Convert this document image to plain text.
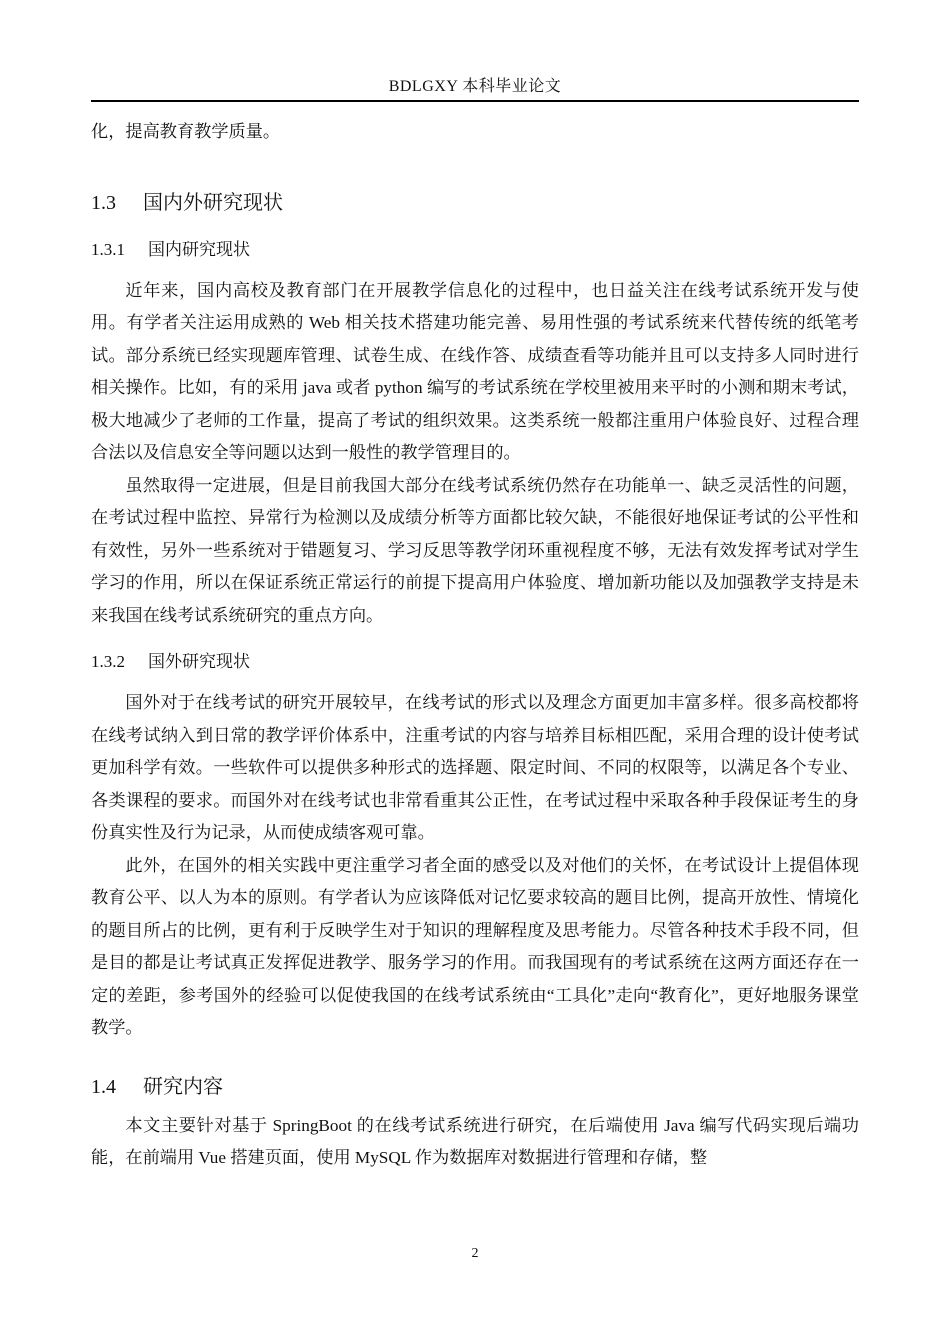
BDLGXY 本科毕业论文

化，提高教育教学质量。

1.3 国内外研究现状
1.3.1 国内研究现状

近年来，国内高校及教育部门在开展教学信息化的过程中，也日益关注在线考试系统开发与使用。有学者关注运用成熟的 Web 相关技术搭建功能完善、易用性强的考试系统来代替传统的纸笔考试。部分系统已经实现题库管理、试卷生成、在线作答、成绩查看等功能并且可以支持多人同时进行相关操作。比如，有的采用 java 或者 python 编写的考试系统在学校里被用来平时的小测和期末考试，极大地减少了老师的工作量，提高了考试的组织效果。这类系统一般都注重用户体验良好、过程合理合法以及信息安全等问题以达到一般性的教学管理目的。

虽然取得一定进展，但是目前我国大部分在线考试系统仍然存在功能单一、缺乏灵活性的问题，在考试过程中监控、异常行为检测以及成绩分析等方面都比较欠缺，不能很好地保证考试的公平性和有效性，另外一些系统对于错题复习、学习反思等教学闭环重视程度不够，无法有效发挥考试对学生学习的作用，所以在保证系统正常运行的前提下提高用户体验度、增加新功能以及加强教学支持是未来我国在线考试系统研究的重点方向。

1.3.2 国外研究现状

国外对于在线考试的研究开展较早，在线考试的形式以及理念方面更加丰富多样。很多高校都将在线考试纳入到日常的教学评价体系中，注重考试的内容与培养目标相匹配，采用合理的设计使考试更加科学有效。一些软件可以提供多种形式的选择题、限定时间、不同的权限等，以满足各个专业、各类课程的要求。而国外对在线考试也非常看重其公正性，在考试过程中采取各种手段保证考生的身份真实性及行为记录，从而使成绩客观可靠。

此外，在国外的相关实践中更注重学习者全面的感受以及对他们的关怀，在考试设计上提倡体现教育公平、以人为本的原则。有学者认为应该降低对记忆要求较高的题目比例，提高开放性、情境化的题目所占的比例，更有利于反映学生对于知识的理解程度及思考能力。尽管各种技术手段不同，但是目的都是让考试真正发挥促进教学、服务学习的作用。而我国现有的考试系统在这两方面还存在一定的差距，参考国外的经验可以促使我国的在线考试系统由“工具化”走向“教育化”，更好地服务课堂教学。

1.4 研究内容

本文主要针对基于 SpringBoot 的在线考试系统进行研究，在后端使用 Java 编写代码实现后端功能，在前端用 Vue 搭建页面，使用 MySQL 作为数据库对数据进行管理和存储，整

2
